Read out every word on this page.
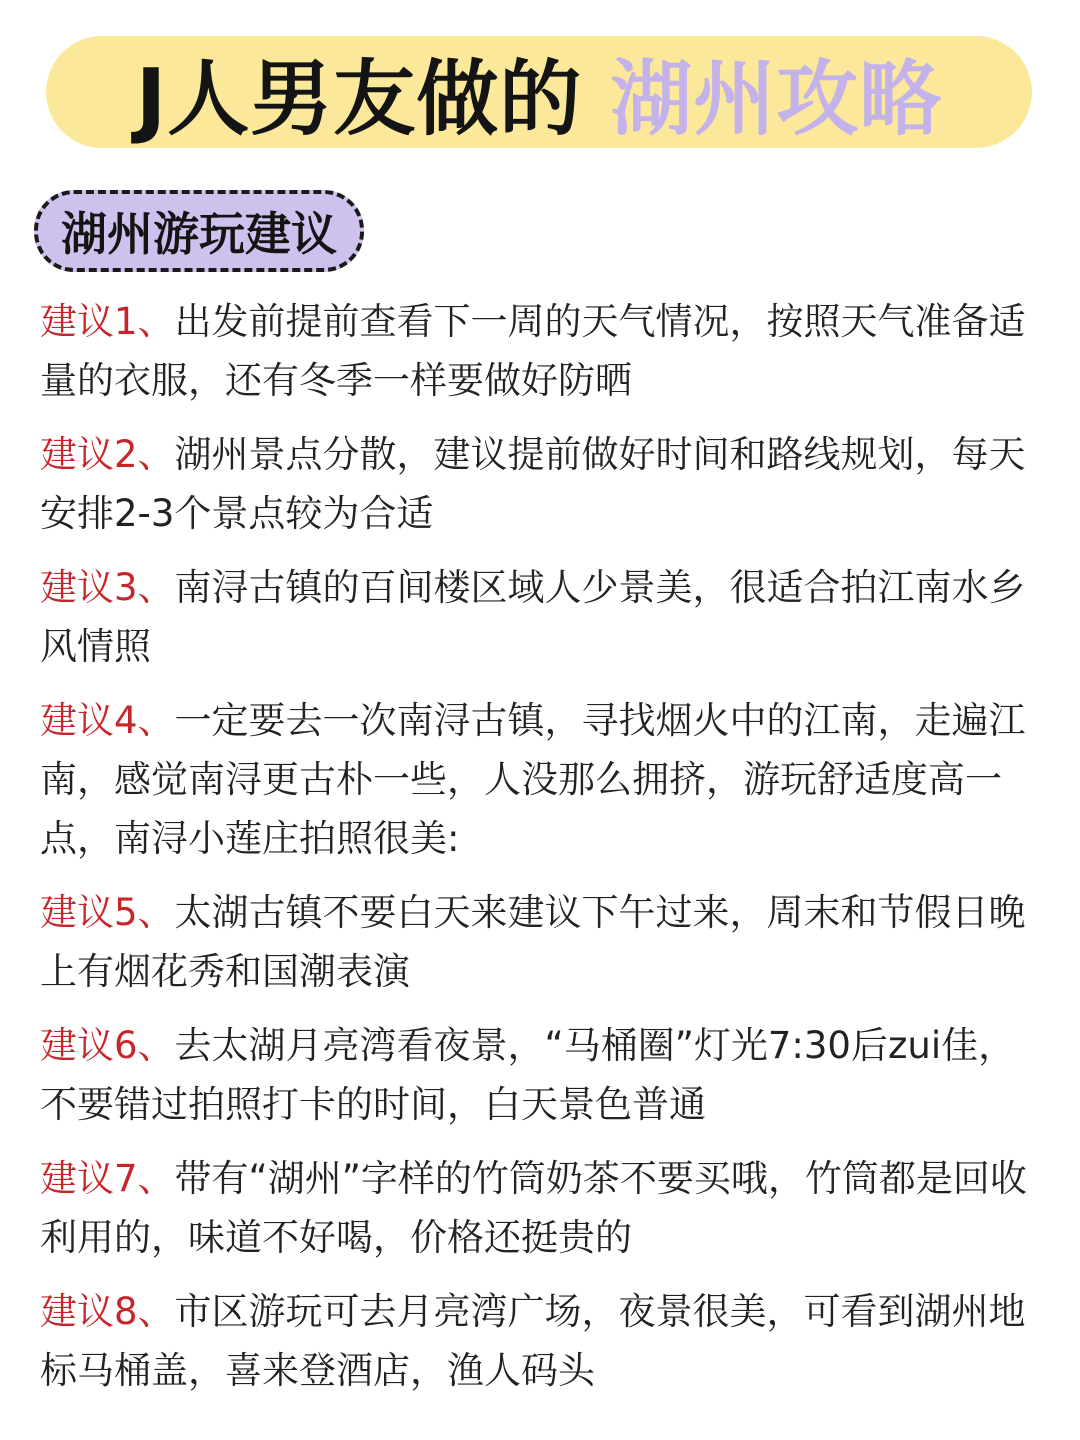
J人男友做的 湖州攻略
湖州游玩建议
建议1、出发前提前查看下一周的天气情况，按照天气准备适量的衣服，还有冬季一样要做好防晒
建议2、湖州景点分散，建议提前做好时间和路线规划，每天安排2-3个景点较为合适
建议3、南浔古镇的百间楼区域人少景美，很适合拍江南水乡风情照
建议4、一定要去一次南浔古镇，寻找烟火中的江南，走遍江南，感觉南浔更古朴一些，人没那么拥挤，游玩舒适度高一点，南浔小莲庄拍照很美:
建议5、太湖古镇不要白天来建议下午过来，周末和节假日晚上有烟花秀和国潮表演
建议6、去太湖月亮湾看夜景，“马桶圈”灯光7:30后zui佳，不要错过拍照打卡的时间，白天景色普通
建议7、带有“湖州”字样的竹筒奶茶不要买哦，竹筒都是回收利用的，味道不好喝，价格还挺贵的
建议8、市区游玩可去月亮湾广场，夜景很美，可看到湖州地标马桶盖，喜来登酒店，渔人码头
